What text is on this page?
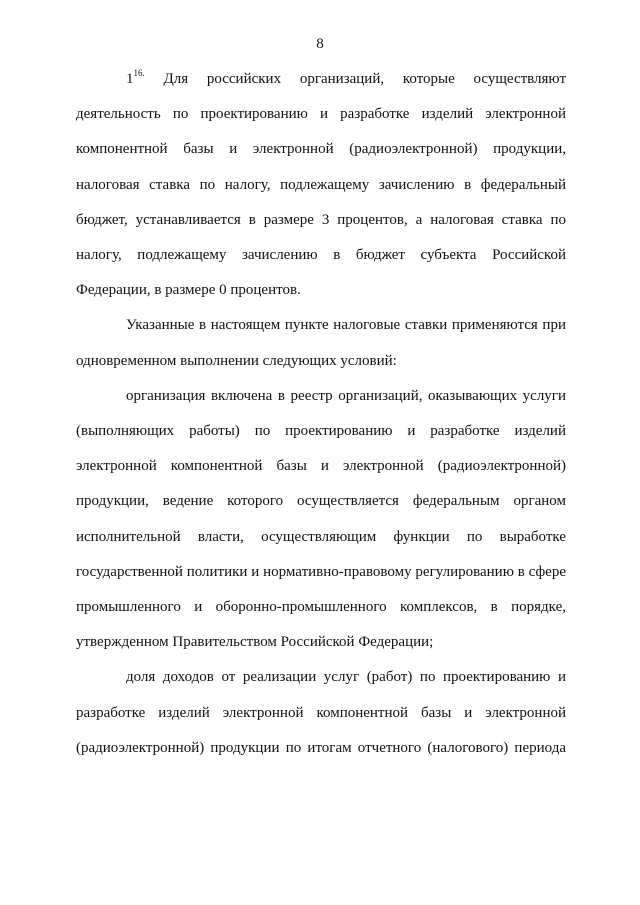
8

$1^{16.}$ Для российских организаций, которые осуществляют деятельность по проектированию и разработке изделий электронной компонентной базы и электронной (радиоэлектронной) продукции, налоговая ставка по налогу, подлежащему зачислению в федеральный бюджет, устанавливается в размере 3 процентов, а налоговая ставка по налогу, подлежащему зачислению в бюджет субъекта Российской Федерации, в размере 0 процентов.

Указанные в настоящем пункте налоговые ставки применяются при одновременном выполнении следующих условий:

организация включена в реестр организаций, оказывающих услуги (выполняющих работы) по проектированию и разработке изделий электронной компонентной базы и электронной (радиоэлектронной) продукции, ведение которого осуществляется федеральным органом исполнительной власти, осуществляющим функции по выработке государственной политики и нормативно-правовому регулированию в сфере промышленного и оборонно-промышленного комплексов, в порядке, утвержденном Правительством Российской Федерации;

доля доходов от реализации услуг (работ) по проектированию и разработке изделий электронной компонентной базы и электронной (радиоэлектронной) продукции по итогам отчетного (налогового) периода
